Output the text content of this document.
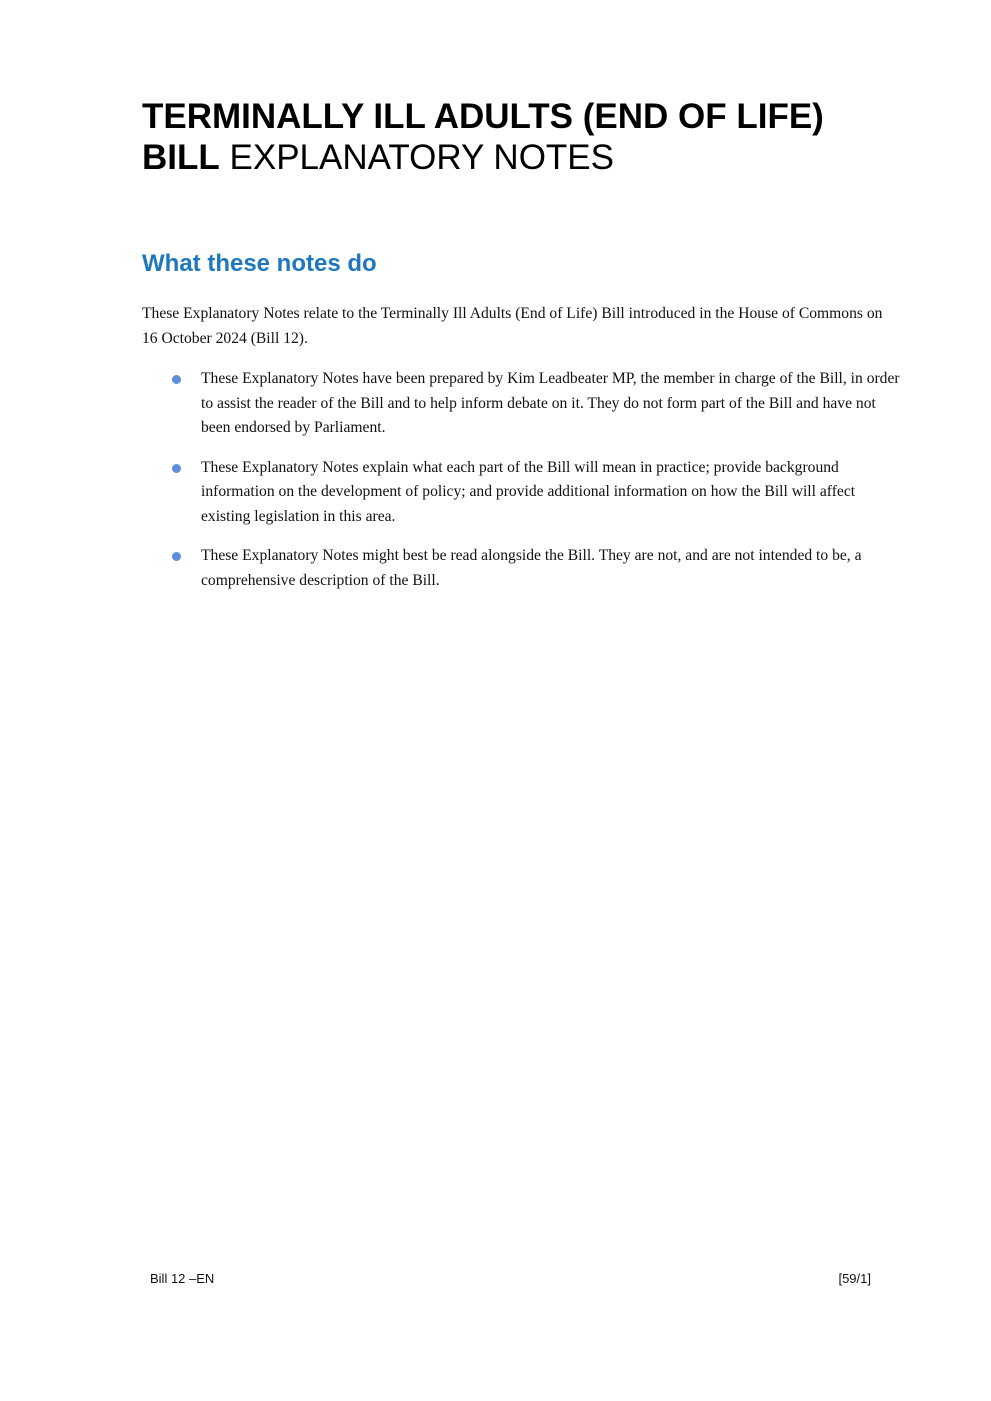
TERMINALLY ILL ADULTS (END OF LIFE) BILL EXPLANATORY NOTES
What these notes do

These Explanatory Notes relate to the Terminally Ill Adults (End of Life) Bill introduced in the House of Commons on 16 October 2024 (Bill 12).

These Explanatory Notes have been prepared by Kim Leadbeater MP, the member in charge of the Bill, in order to assist the reader of the Bill and to help inform debate on it. They do not form part of the Bill and have not been endorsed by Parliament.
These Explanatory Notes explain what each part of the Bill will mean in practice; provide background information on the development of policy; and provide additional information on how the Bill will affect existing legislation in this area.
These Explanatory Notes might best be read alongside the Bill. They are not, and are not intended to be, a comprehensive description of the Bill.
Bill 12 –EN	[59/1]
